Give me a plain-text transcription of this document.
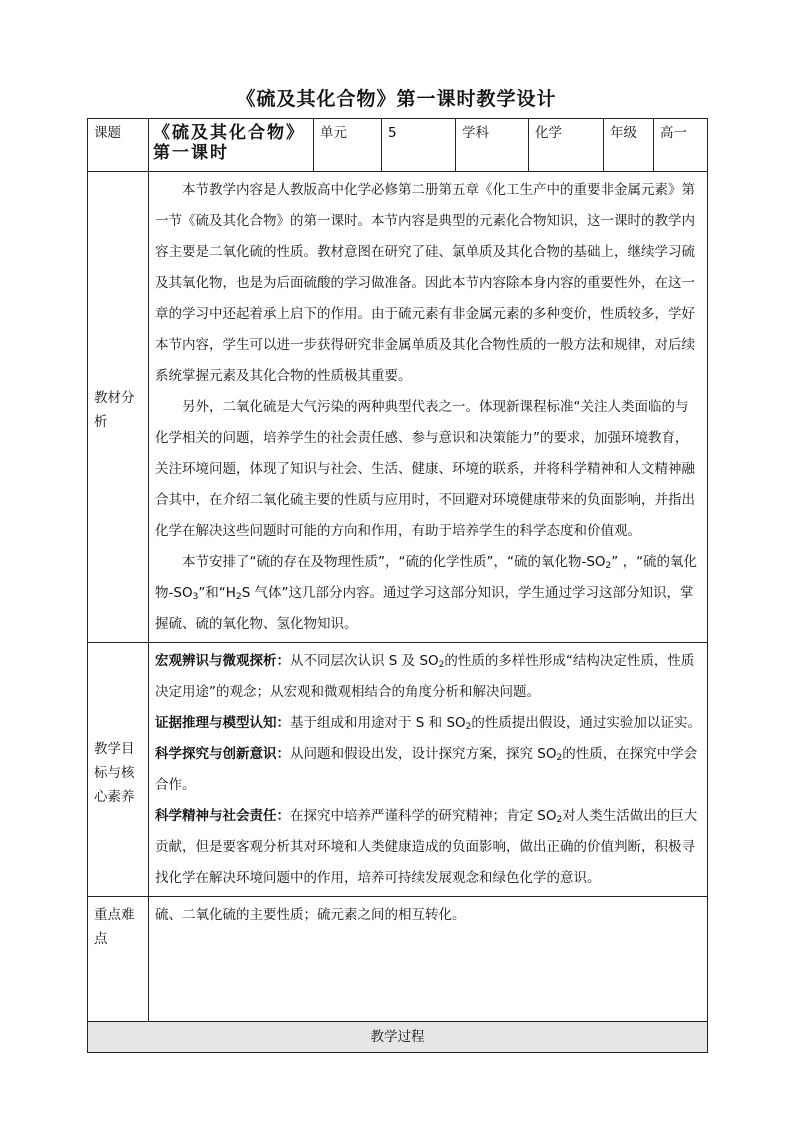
《硫及其化合物》第一课时教学设计
课题	《硫及其化合物》第一课时	单元	5	学科	化学	年级	高一
教材分析	本节教学内容是人教版高中化学必修第二册第五章《化工生产中的重要非金属元素》第一节《硫及其化合物》的第一课时。本节内容是典型的元素化合物知识，这一课时的教学内容主要是二氧化硫的性质。教材意图在研究了硅、氯单质及其化合物的基础上，继续学习硫及其氧化物，也是为后面硫酸的学习做准备。因此本节内容除本身内容的重要性外，在这一章的学习中还起着承上启下的作用。由于硫元素有非金属元素的多种变价，性质较多，学好本节内容，学生可以进一步获得研究非金属单质及其化合物性质的一般方法和规律，对后续系统掌握元素及其化合物的性质极其重要。

另外，二氧化硫是大气污染的两种典型代表之一。体现新课程标准“关注人类面临的与化学相关的问题，培养学生的社会责任感、参与意识和决策能力”的要求，加强环境教育，关注环境问题，体现了知识与社会、生活、健康、环境的联系，并将科学精神和人文精神融合其中，在介绍二氧化硫主要的性质与应用时，不回避对环境健康带来的负面影响，并指出化学在解决这些问题时可能的方向和作用，有助于培养学生的科学态度和价值观。

本节安排了“硫的存在及物理性质”，“硫的化学性质”，“硫的氧化物$-SO_2$” ，“硫的氧化物$-SO_3$”和“$H_2S$ 气体”这几部分内容。通过学习这部分知识，学生通过学习这部分知识，掌握硫、硫的氧化物、氢化物知识。						

教学目标与核心素养	宏观辨识与微观探析：从不同层次认识 S 及 $SO_2$的性质的多样性形成“结构决定性质，性质决定用途”的观念；从宏观和微观相结合的角度分析和解决问题。

证据推理与模型认知：基于组成和用途对于 S 和 $SO_2$的性质提出假设，通过实验加以证实。

科学探究与创新意识：从问题和假设出发，设计探究方案，探究 $SO_2$的性质，在探究中学会合作。

科学精神与社会责任：在探究中培养严谨科学的研究精神；肯定 $SO_2$对人类生活做出的巨大贡献，但是要客观分析其对环境和人类健康造成的负面影响，做出正确的价值判断，积极寻找化学在解决环境问题中的作用，培养可持续发展观念和绿色化学的意识。						

重点难点	硫、二氧化硫的主要性质；硫元素之间的相互转化。						
教学过程							
